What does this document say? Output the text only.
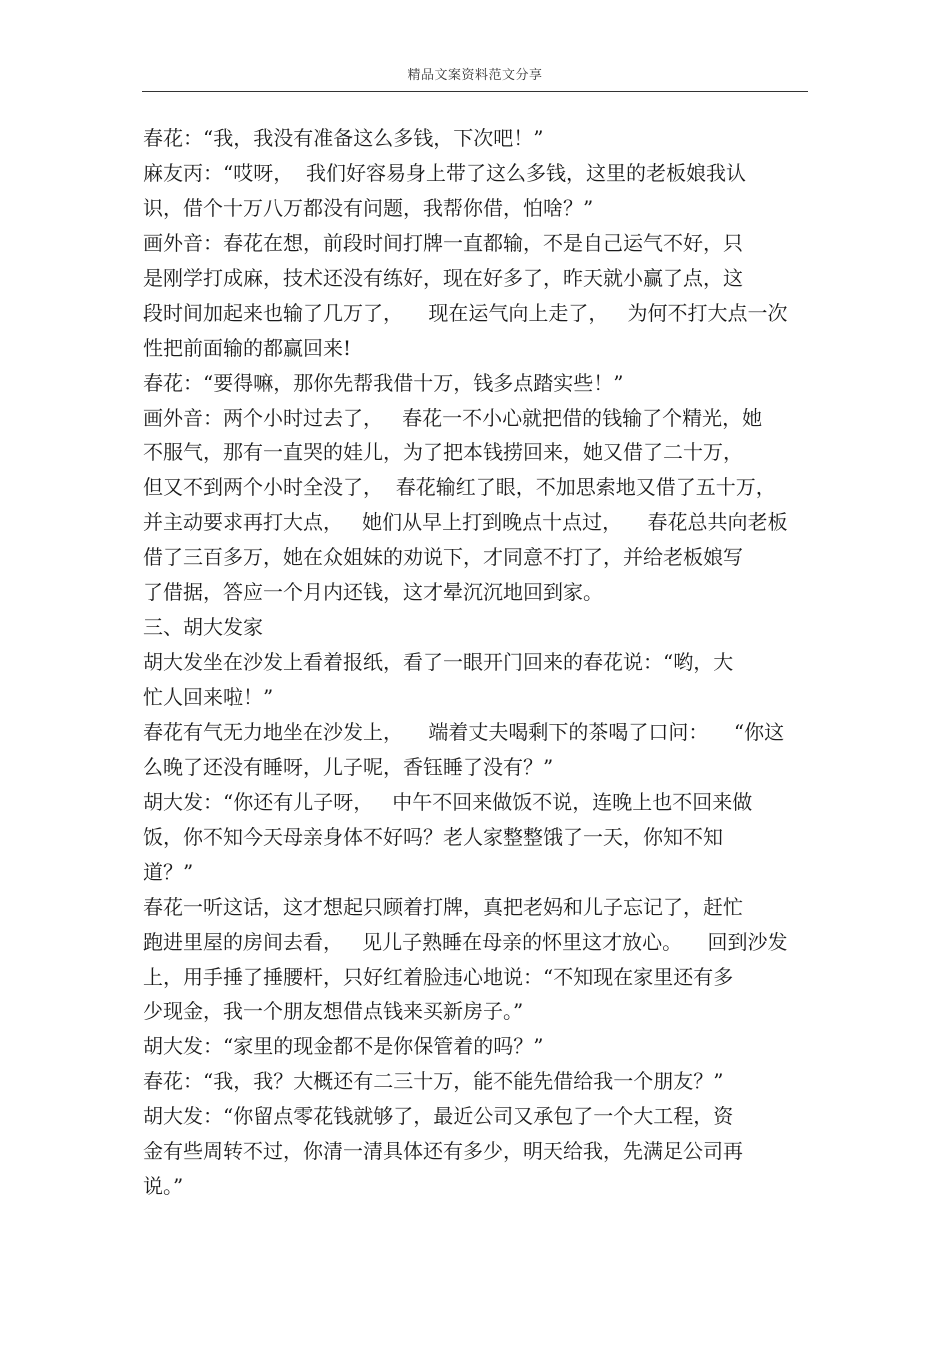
精品文案资料范文分享
春花：“我，我没有准备这么多钱，下次吧！”
麻友丙：“哎呀，  我们好容易身上带了这么多钱，这里的老板娘我认
识，借个十万八万都没有问题，我帮你借，怕啥？”
画外音：春花在想，前段时间打牌一直都输，不是自己运气不好，只
是刚学打成麻，技术还没有练好，现在好多了，昨天就小赢了点，这
段时间加起来也输了几万了，    现在运气向上走了，   为何不打大点一次
性把前面输的都赢回来!
春花：“要得嘛，那你先帮我借十万，钱多点踏实些！”
画外音：两个小时过去了，   春花一不小心就把借的钱输了个精光，她
不服气，那有一直哭的娃儿，为了把本钱捞回来，她又借了二十万，
但又不到两个小时全没了，  春花输红了眼，不加思索地又借了五十万，
并主动要求再打大点，   她们从早上打到晚点十点过，    春花总共向老板
借了三百多万，她在众姐妹的劝说下，才同意不打了，并给老板娘写
了借据，答应一个月内还钱，这才晕沉沉地回到家。
三、胡大发家
胡大发坐在沙发上看着报纸，看了一眼开门回来的春花说：“哟，大
忙人回来啦！”
春花有气无力地坐在沙发上，    端着丈夫喝剩下的茶喝了口问：    “你这
么晚了还没有睡呀，儿子呢，香钰睡了没有？”
胡大发：“你还有儿子呀，   中午不回来做饭不说，连晚上也不回来做
饭，你不知今天母亲身体不好吗？老人家整整饿了一天，你知不知
道？”
春花一听这话，这才想起只顾着打牌，真把老妈和儿子忘记了，赶忙
跑进里屋的房间去看，   见儿子熟睡在母亲的怀里这才放心。    回到沙发
上，用手捶了捶腰杆，只好红着脸违心地说：“不知现在家里还有多
少现金，我一个朋友想借点钱来买新房子。”
胡大发：“家里的现金都不是你保管着的吗？”
春花：“我，我？大概还有二三十万，能不能先借给我一个朋友？”
胡大发：“你留点零花钱就够了，最近公司又承包了一个大工程，资
金有些周转不过，你清一清具体还有多少，明天给我，先满足公司再
说。”
